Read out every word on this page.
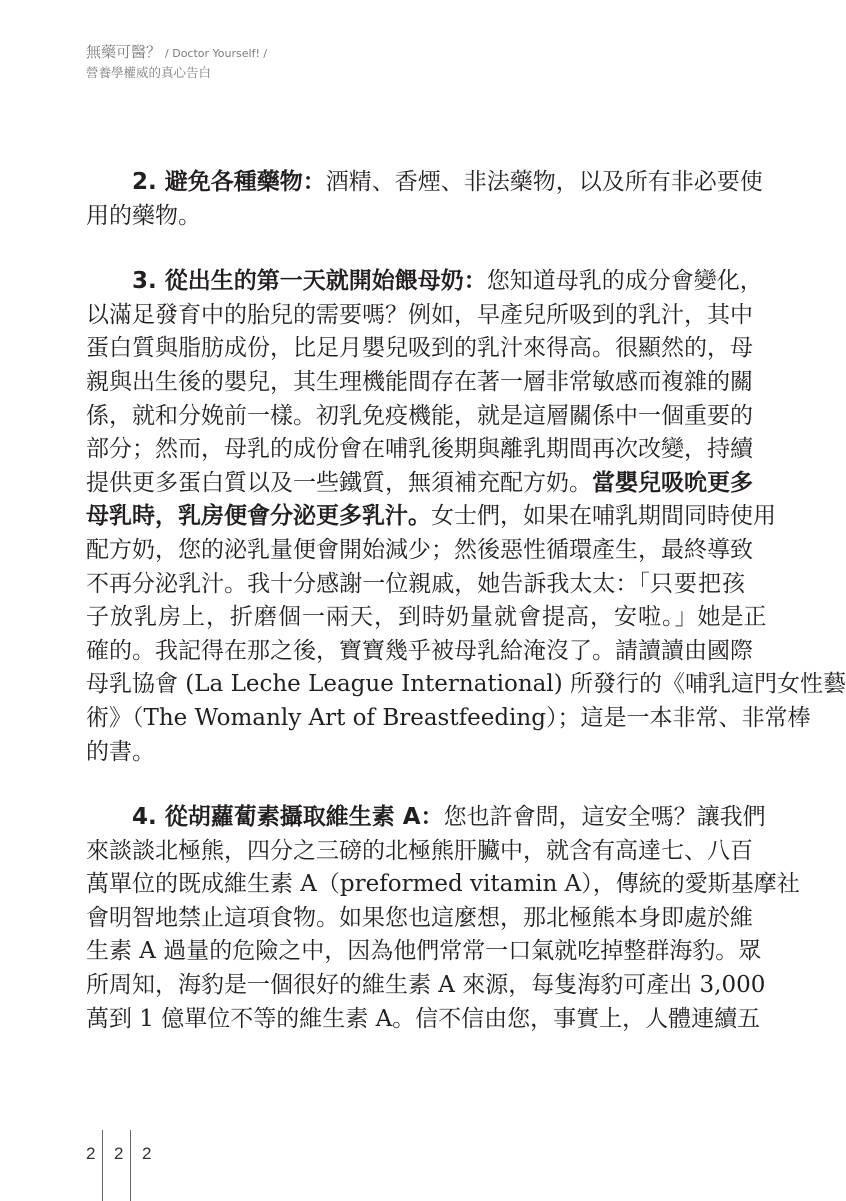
無藥可醫？ / Doctor Yourself! /
營養學權威的真心告白
2. 避免各種藥物：酒精、香煙、非法藥物，以及所有非必要使
用的藥物。
3. 從出生的第一天就開始餵母奶：您知道母乳的成分會變化，
以滿足發育中的胎兒的需要嗎？例如，早產兒所吸到的乳汁，其中
蛋白質與脂肪成份，比足月嬰兒吸到的乳汁來得高。很顯然的，母
親與出生後的嬰兒，其生理機能間存在著一層非常敏感而複雜的關
係，就和分娩前一樣。初乳免疫機能，就是這層關係中一個重要的
部分；然而，母乳的成份會在哺乳後期與離乳期間再次改變，持續
提供更多蛋白質以及一些鐵質，無須補充配方奶。當嬰兒吸吮更多
母乳時，乳房便會分泌更多乳汁。女士們，如果在哺乳期間同時使用
配方奶，您的泌乳量便會開始減少；然後惡性循環產生，最終導致
不再分泌乳汁。我十分感謝一位親戚，她告訴我太太：「只要把孩
子放乳房上，折磨個一兩天，到時奶量就會提高，安啦。」她是正
確的。我記得在那之後，寶寶幾乎被母乳給淹沒了。請讀讀由國際
母乳協會 (La Leche League International) 所發行的《哺乳這門女性藝
術》（The Womanly Art of Breastfeeding）；這是一本非常、非常棒
的書。
4. 從胡蘿蔔素攝取維生素 A：您也許會問，這安全嗎？讓我們
來談談北極熊，四分之三磅的北極熊肝臟中，就含有高達七、八百
萬單位的既成維生素 A（preformed vitamin A），傳統的愛斯基摩社
會明智地禁止這項食物。如果您也這麼想，那北極熊本身即處於維
生素 A 過量的危險之中，因為他們常常一口氣就吃掉整群海豹。眾
所周知，海豹是一個很好的維生素 A 來源，每隻海豹可產出 3,000
萬到 1 億單位不等的維生素 A。信不信由您，事實上，人體連續五
2 2 2
